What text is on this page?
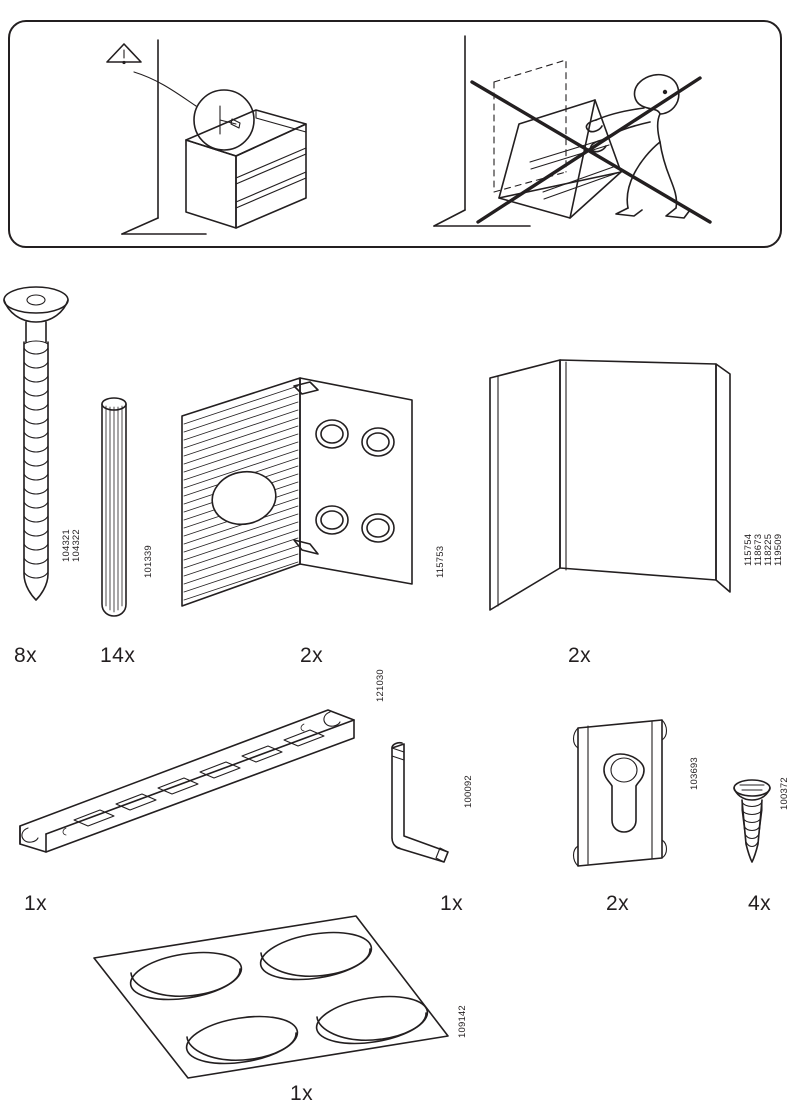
104321 104322
8x
101339
14x
115753
2x
115754 118673 118225 119509
2x
121030
1x
100092
1x
103693
2x
100372
4x
109142
1x
